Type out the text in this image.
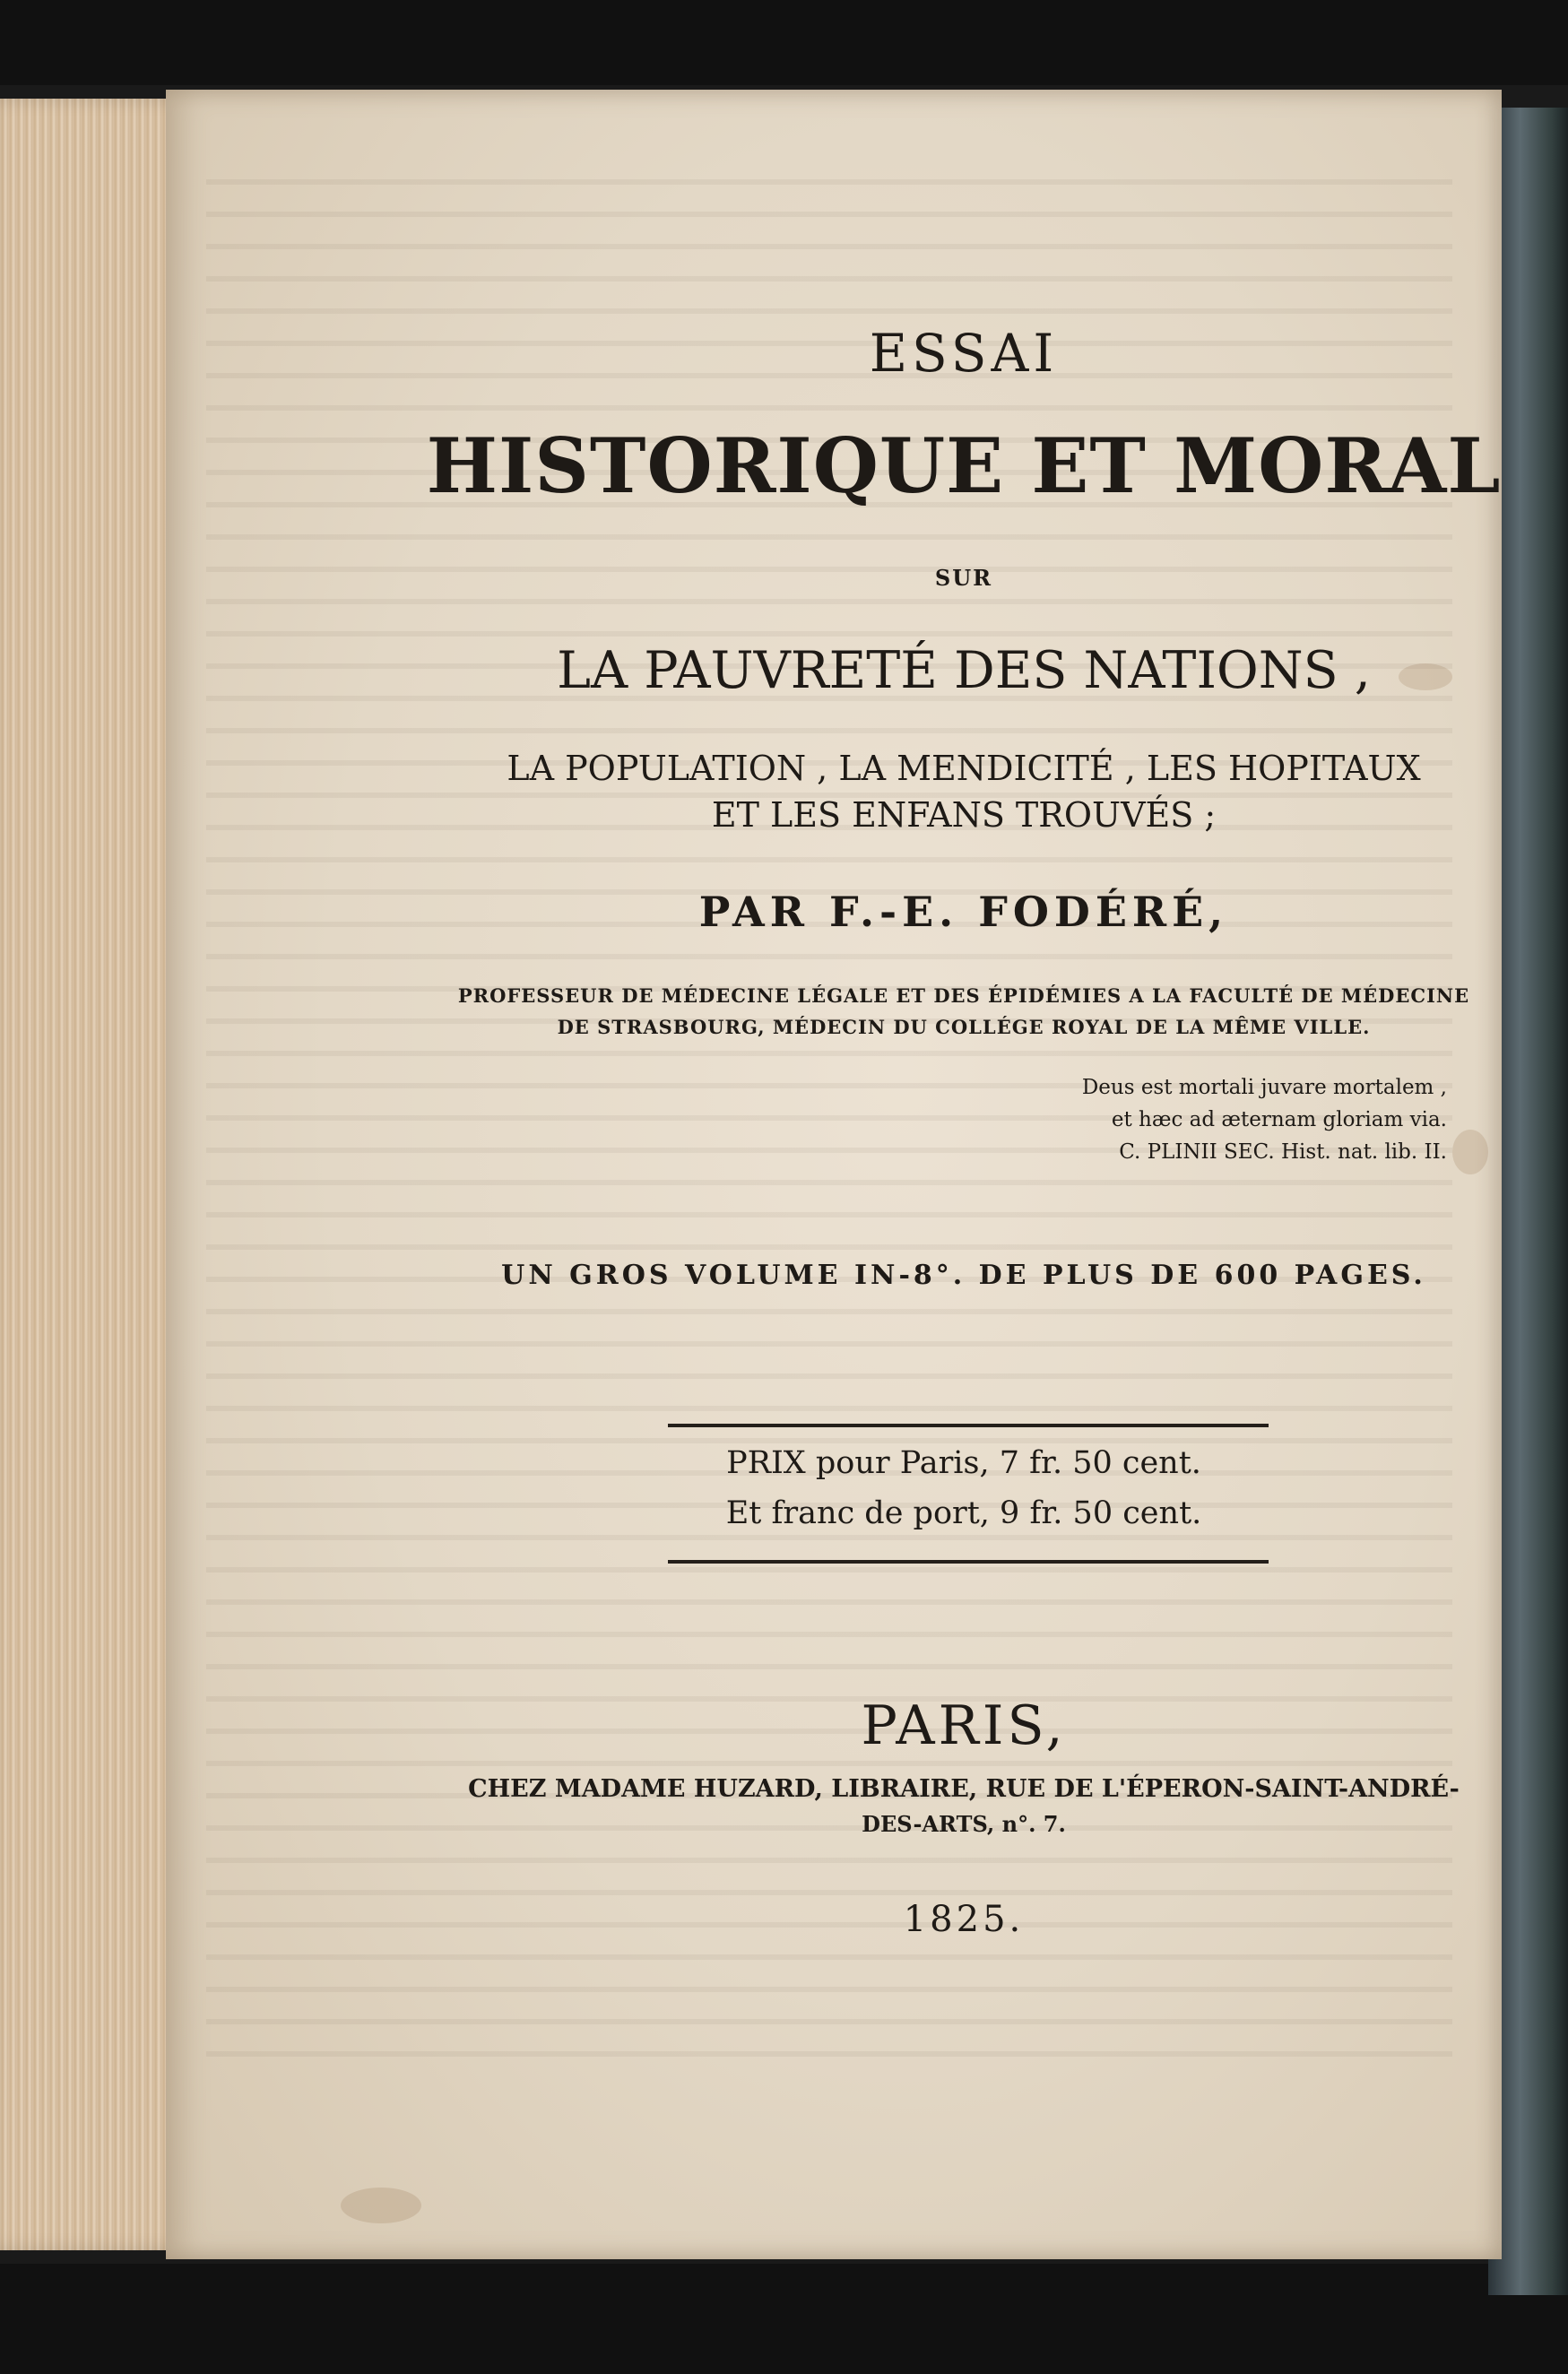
ESSAI
HISTORIQUE ET MORAL
SUR
LA PAUVRETÉ DES NATIONS ,
LA POPULATION , LA MENDICITÉ , LES HOPITAUX
ET LES ENFANS TROUVÉS ;
PAR F.-E. FODÉRÉ,
PROFESSEUR DE MÉDECINE LÉGALE ET DES ÉPIDÉMIES A LA FACULTÉ DE MÉDECINE
DE STRASBOURG, MÉDECIN DU COLLÉGE ROYAL DE LA MÊME VILLE.
Deus est mortali juvare mortalem ,
et hæc ad æternam gloriam via.
C. PLINII SEC. Hist. nat. lib. II.
UN GROS VOLUME IN-8°. DE PLUS DE 600 PAGES.
PRIX pour Paris, 7 fr. 50 cent.
Et franc de port, 9 fr. 50 cent.
PARIS,
CHEZ MADAME HUZARD, LIBRAIRE, RUE DE L'ÉPERON-SAINT-ANDRÉ-
DES-ARTS, n°. 7.
1825.
